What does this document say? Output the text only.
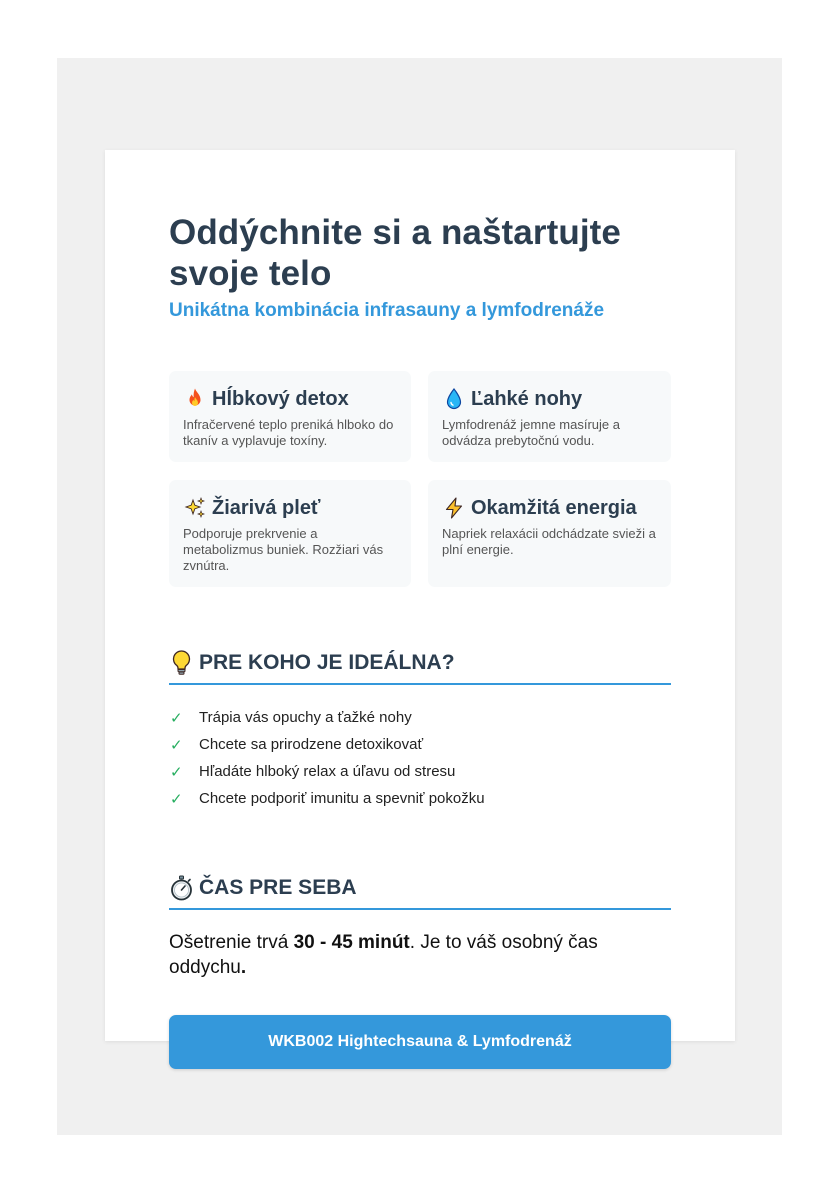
Oddýchnite si a naštartujte svoje telo
Unikátna kombinácia infrasauny a lymfodrenáže
Hĺbkový detox
Infračervené teplo preniká hlboko do tkanív a vyplavuje toxíny.
Ľahké nohy
Lymfodrenáž jemne masíruje a odvádza prebytočnú vodu.
Žiarivá pleť
Podporuje prekrvenie a metabolizmus buniek. Rozžiari vás zvnútra.
Okamžitá energia
Napriek relaxácii odchádzate svieži a plní energie.
PRE KOHO JE IDEÁLNA?
✓ Trápia vás opuchy a ťažké nohy
✓ Chcete sa prirodzene detoxikovať
✓ Hľadáte hlboký relax a úľavu od stresu
✓ Chcete podporiť imunitu a spevniť pokožku
ČAS PRE SEBA

Ošetrenie trvá 30 - 45 minút. Je to váš osobný čas oddychu.

WKB002 Hightechsauna & Lymfodrenáž
